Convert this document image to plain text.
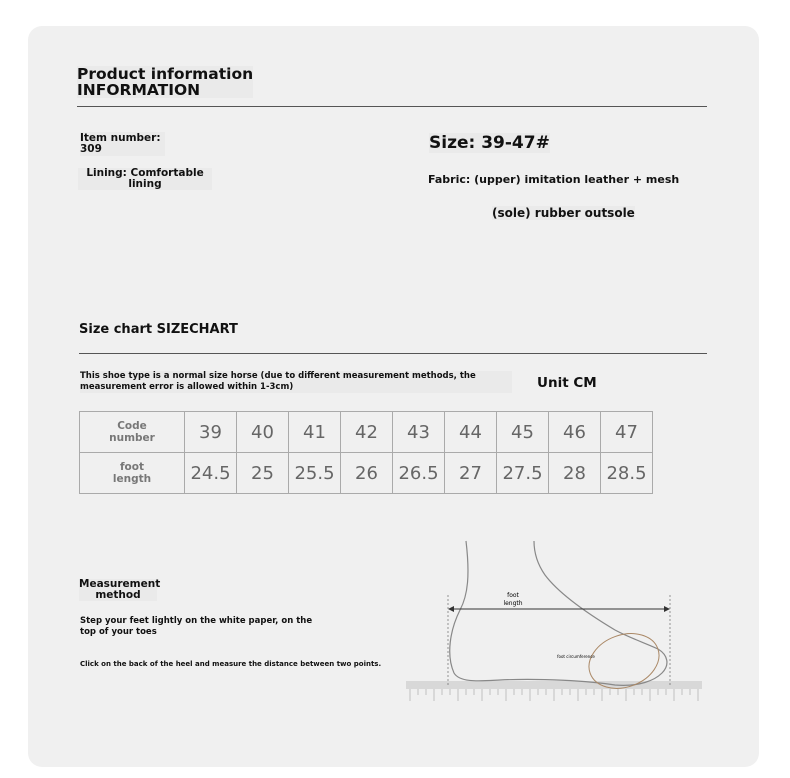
Product information
INFORMATION
Item number:
309
Lining: Comfortable
lining
Size: 39-47#
Fabric: (upper) imitation leather + mesh
(sole) rubber outsole
Size chart SIZECHART
This shoe type is a normal size horse (due to different measurement methods, the measurement error is allowed within 1-3cm)	Unit CM
Code
number	39	40	41	42	43	44	45	46	47

foot
length	24.5	25	25.5	26	26.5	27	27.5	28	28.5
Measurement
method
Step your feet lightly on the white paper, on the top of your toes
Click on the back of the heel and measure the distance between two points.
foot
length
foot circumference
